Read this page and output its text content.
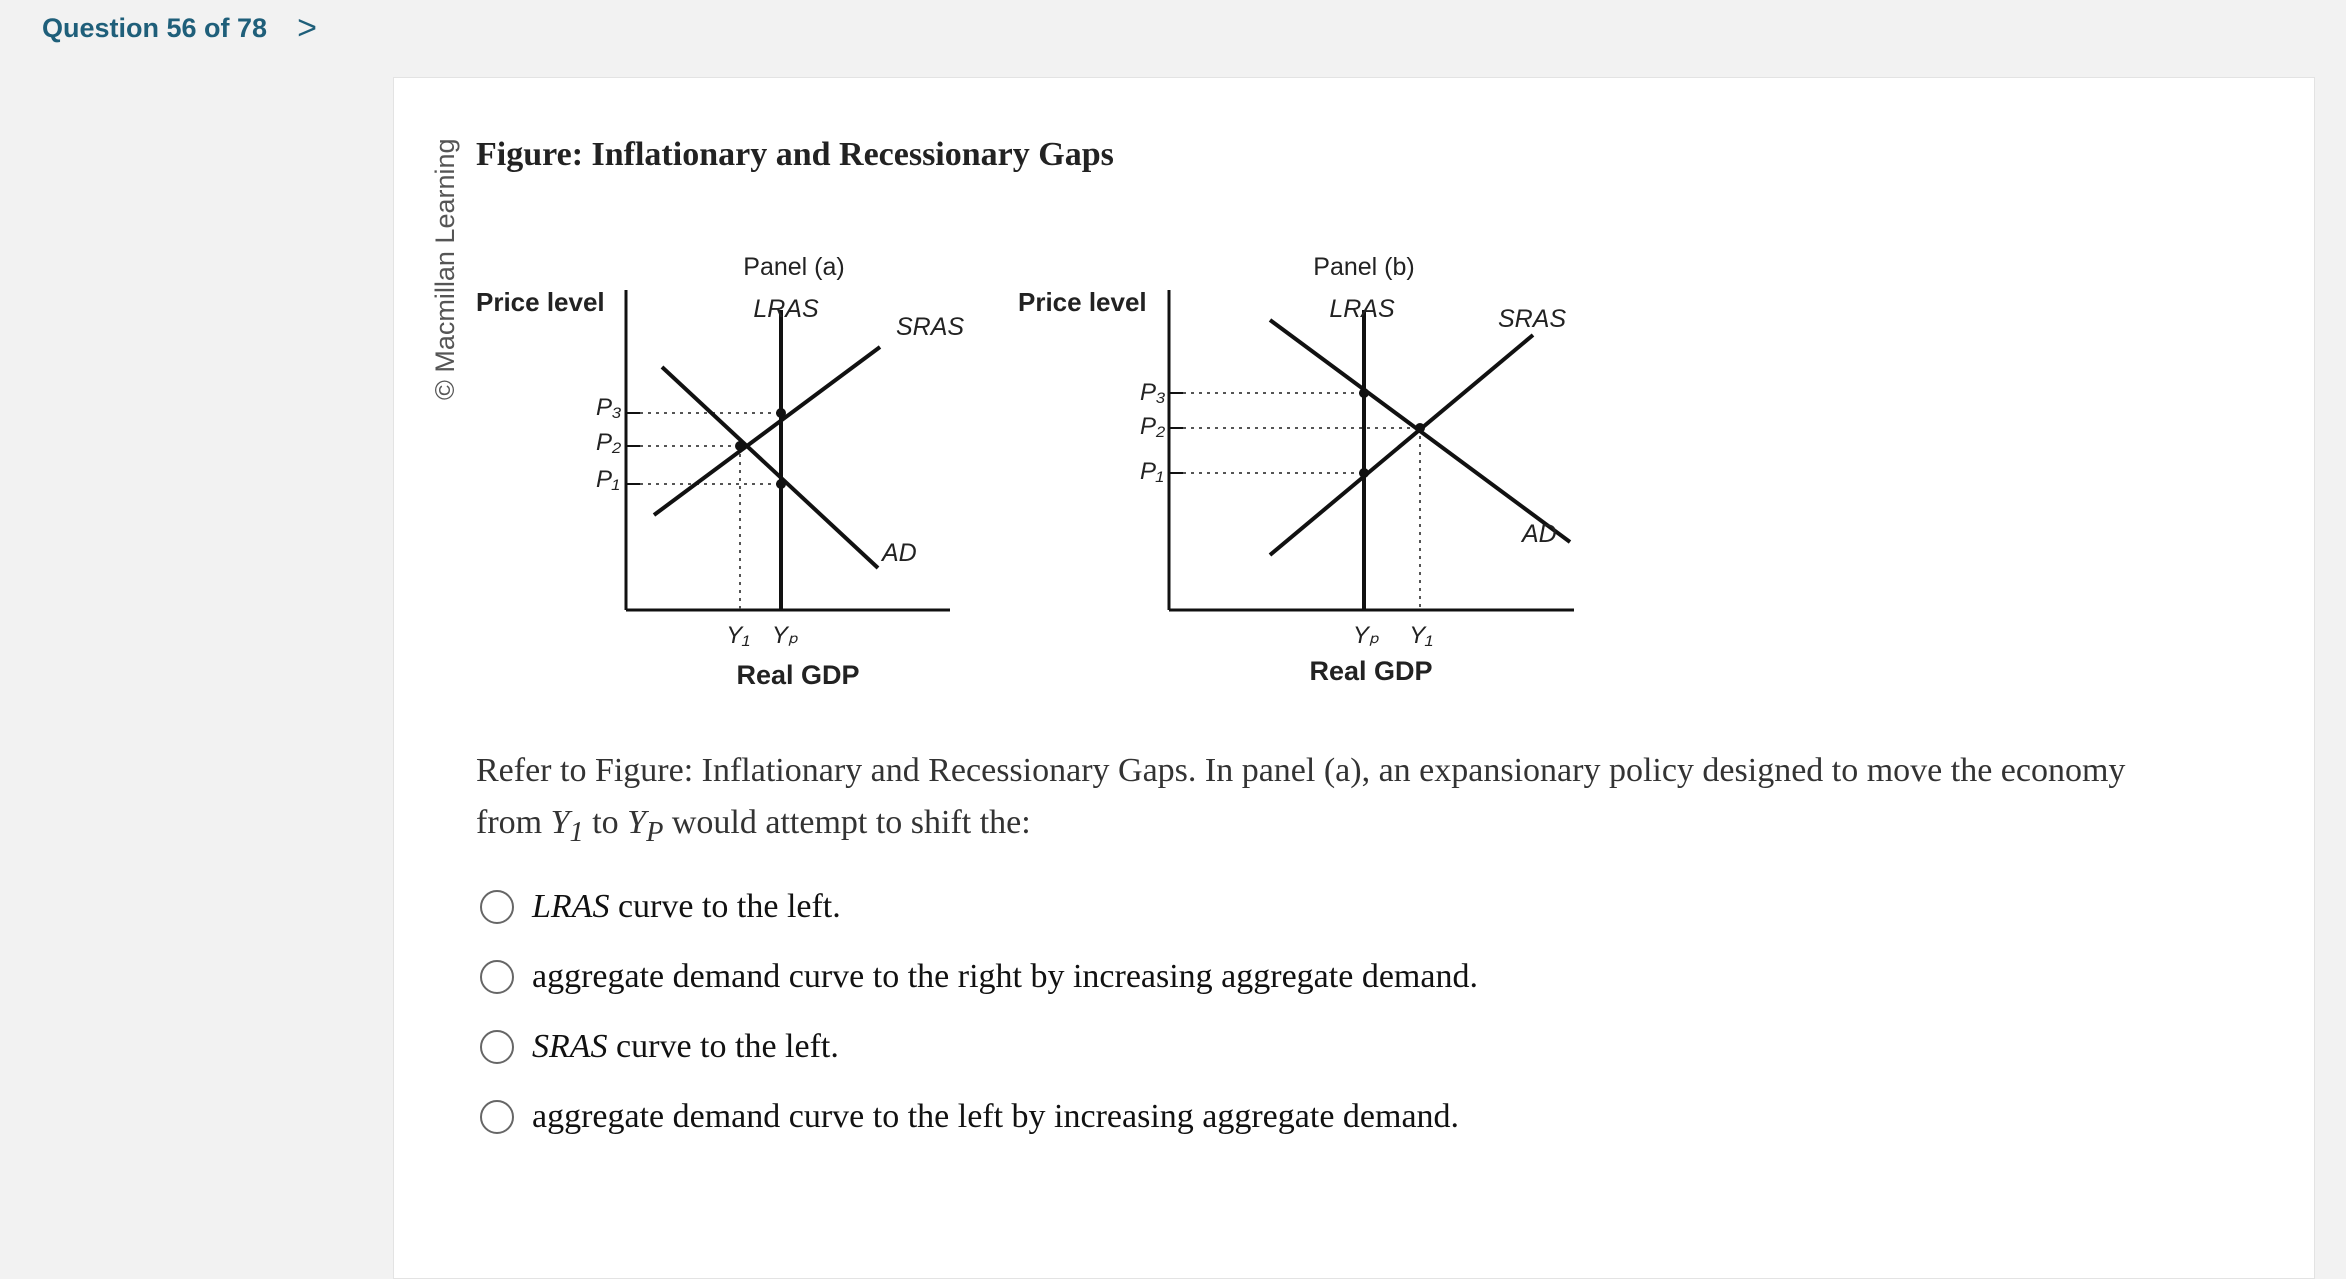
Question 56 of 78 >
© Macmillan Learning Figure: Inflationary and Recessionary Gaps
Panel (a)
Price level
P₃
P₂
P₁
LRAS
SRAS
AD
Y₁ Yₚ
Real GDP
Panel (b)
Price level
P₃
P₂
P₁
LRAS	SRAS
AD
Yₚ Y₁
Real GDP
Refer to Figure: Inflationary and Recessionary Gaps. In panel (a), an expansionary policy designed to move the economy
from $Y_1$ to $Y_P$ would attempt to shift the:
LRAS curve to the left.
aggregate demand curve to the right by increasing aggregate demand.
SRAS curve to the left.
aggregate demand curve to the left by increasing aggregate demand.
